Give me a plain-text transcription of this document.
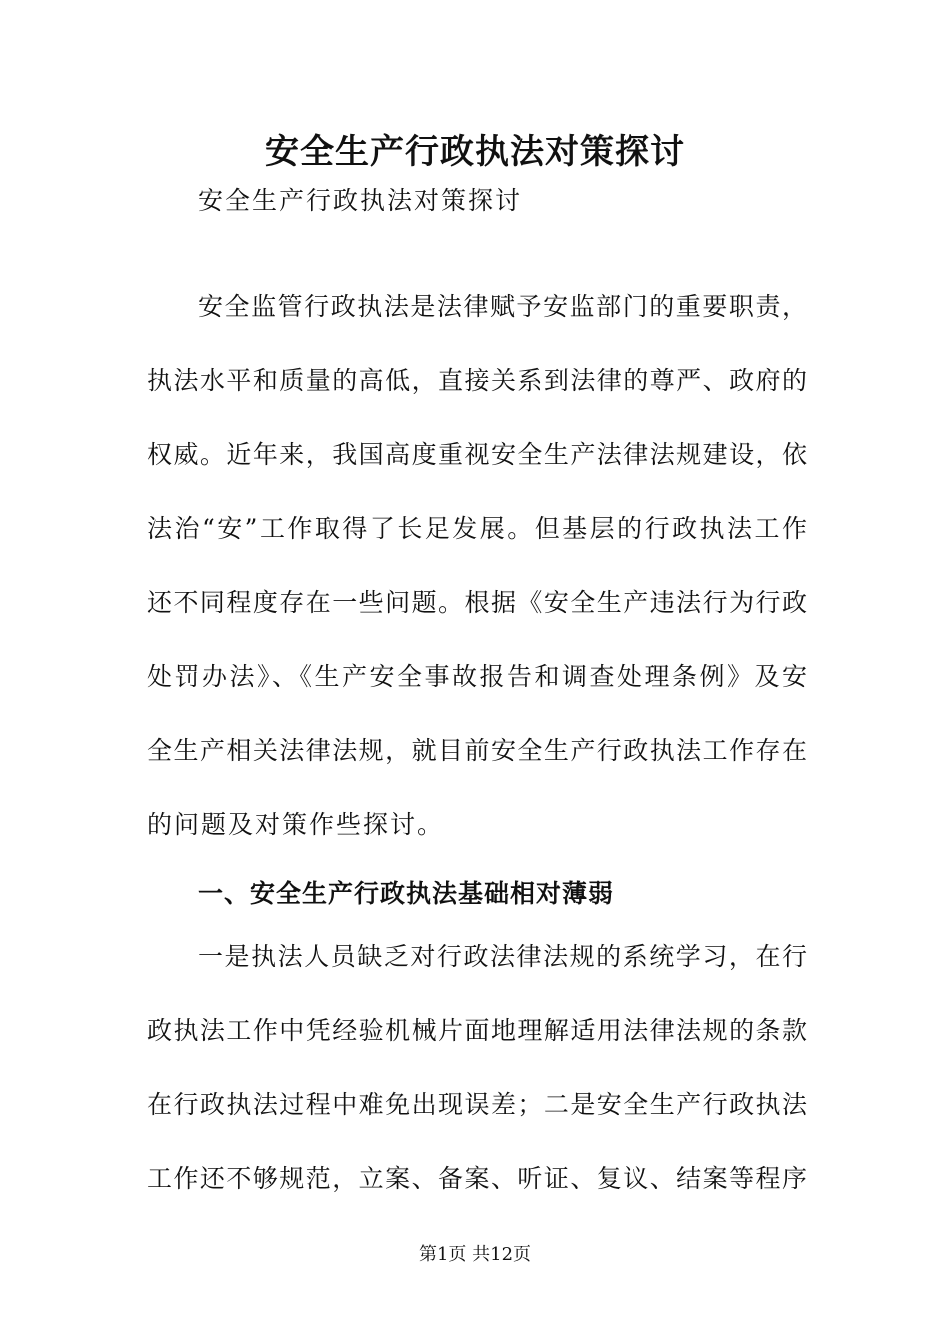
安全生产行政执法对策探讨
安全生产行政执法对策探讨
安全监管行政执法是法律赋予安监部门的重要职责，
执法水平和质量的高低，直接关系到法律的尊严、政府的
权威。近年来，我国高度重视安全生产法律法规建设，依
法治“安”工作取得了长足发展。但基层的行政执法工作
还不同程度存在一些问题。根据《安全生产违法行为行政
处罚办法》、《生产安全事故报告和调查处理条例》及安
全生产相关法律法规，就目前安全生产行政执法工作存在
的问题及对策作些探讨。
一、安全生产行政执法基础相对薄弱
一是执法人员缺乏对行政法律法规的系统学习，在行
政执法工作中凭经验机械片面地理解适用法律法规的条款
在行政执法过程中难免出现误差；二是安全生产行政执法
工作还不够规范，立案、备案、听证、复议、结案等程序
第1页 共12页
